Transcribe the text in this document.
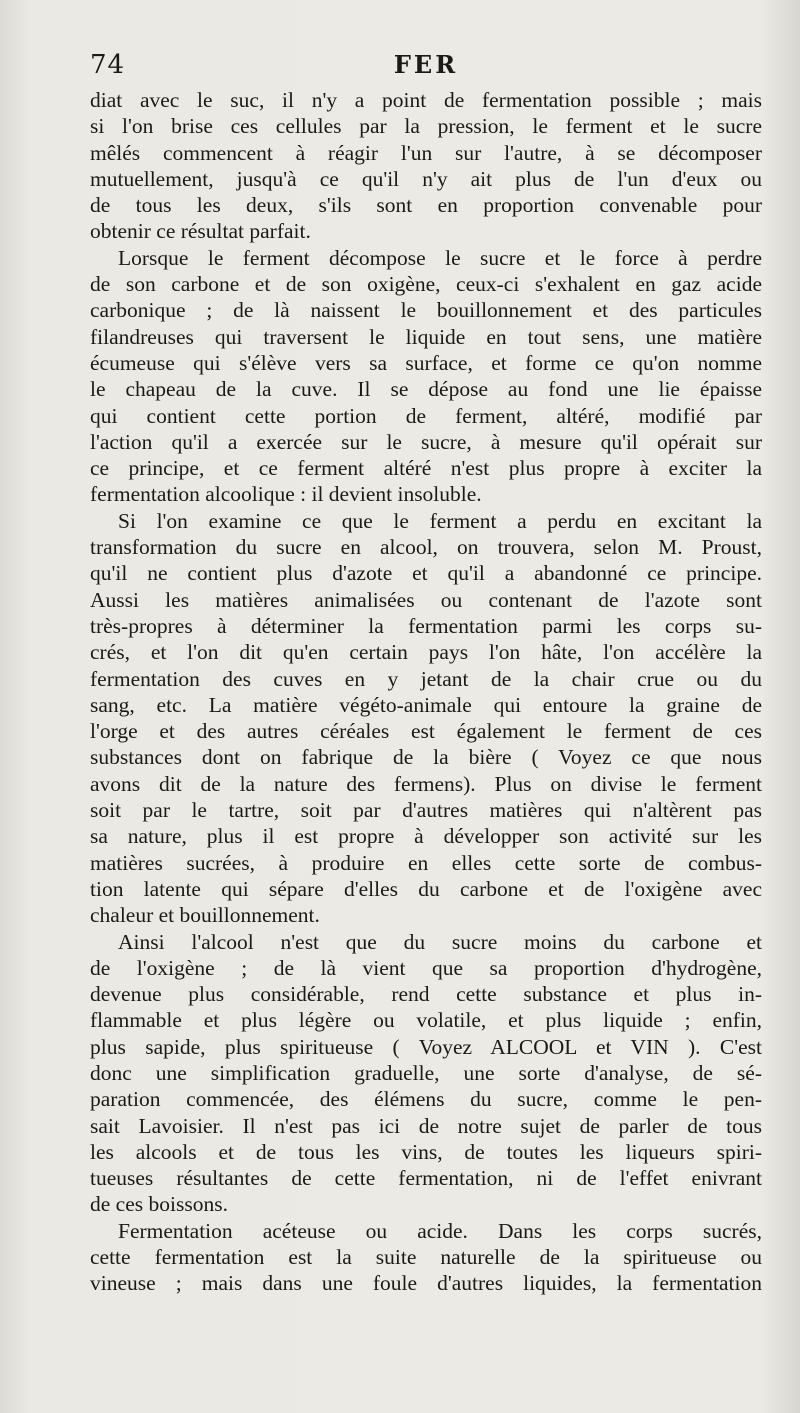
74	FER
diat avec le suc, il n'y a point de fermentation possible ; mais
si l'on brise ces cellules par la pression, le ferment et le sucre
mêlés commencent à réagir l'un sur l'autre, à se décomposer
mutuellement, jusqu'à ce qu'il n'y ait plus de l'un d'eux ou
de tous les deux, s'ils sont en proportion convenable pour
obtenir ce résultat parfait.
Lorsque le ferment décompose le sucre et le force à perdre
de son carbone et de son oxigène, ceux-ci s'exhalent en gaz acide
carbonique ; de là naissent le bouillonnement et des particules
filandreuses qui traversent le liquide en tout sens, une matière
écumeuse qui s'élève vers sa surface, et forme ce qu'on nomme
le chapeau de la cuve. Il se dépose au fond une lie épaisse
qui contient cette portion de ferment, altéré, modifié par
l'action qu'il a exercée sur le sucre, à mesure qu'il opérait sur
ce principe, et ce ferment altéré n'est plus propre à exciter la
fermentation alcoolique : il devient insoluble.
Si l'on examine ce que le ferment a perdu en excitant la
transformation du sucre en alcool, on trouvera, selon M. Proust,
qu'il ne contient plus d'azote et qu'il a abandonné ce principe.
Aussi les matières animalisées ou contenant de l'azote sont
très-propres à déterminer la fermentation parmi les corps su-
crés, et l'on dit qu'en certain pays l'on hâte, l'on accélère la
fermentation des cuves en y jetant de la chair crue ou du
sang, etc. La matière végéto-animale qui entoure la graine de
l'orge et des autres céréales est également le ferment de ces
substances dont on fabrique de la bière ( Voyez ce que nous
avons dit de la nature des fermens). Plus on divise le ferment
soit par le tartre, soit par d'autres matières qui n'altèrent pas
sa nature, plus il est propre à développer son activité sur les
matières sucrées, à produire en elles cette sorte de combus-
tion latente qui sépare d'elles du carbone et de l'oxigène avec
chaleur et bouillonnement.
Ainsi l'alcool n'est que du sucre moins du carbone et
de l'oxigène ; de là vient que sa proportion d'hydrogène,
devenue plus considérable, rend cette substance et plus in-
flammable et plus légère ou volatile, et plus liquide ; enfin,
plus sapide, plus spiritueuse ( Voyez ALCOOL et VIN ). C'est
donc une simplification graduelle, une sorte d'analyse, de sé-
paration commencée, des élémens du sucre, comme le pen-
sait Lavoisier. Il n'est pas ici de notre sujet de parler de tous
les alcools et de tous les vins, de toutes les liqueurs spiri-
tueuses résultantes de cette fermentation, ni de l'effet enivrant
de ces boissons.
Fermentation acéteuse ou acide. Dans les corps sucrés,
cette fermentation est la suite naturelle de la spiritueuse ou
vineuse ; mais dans une foule d'autres liquides, la fermentation
